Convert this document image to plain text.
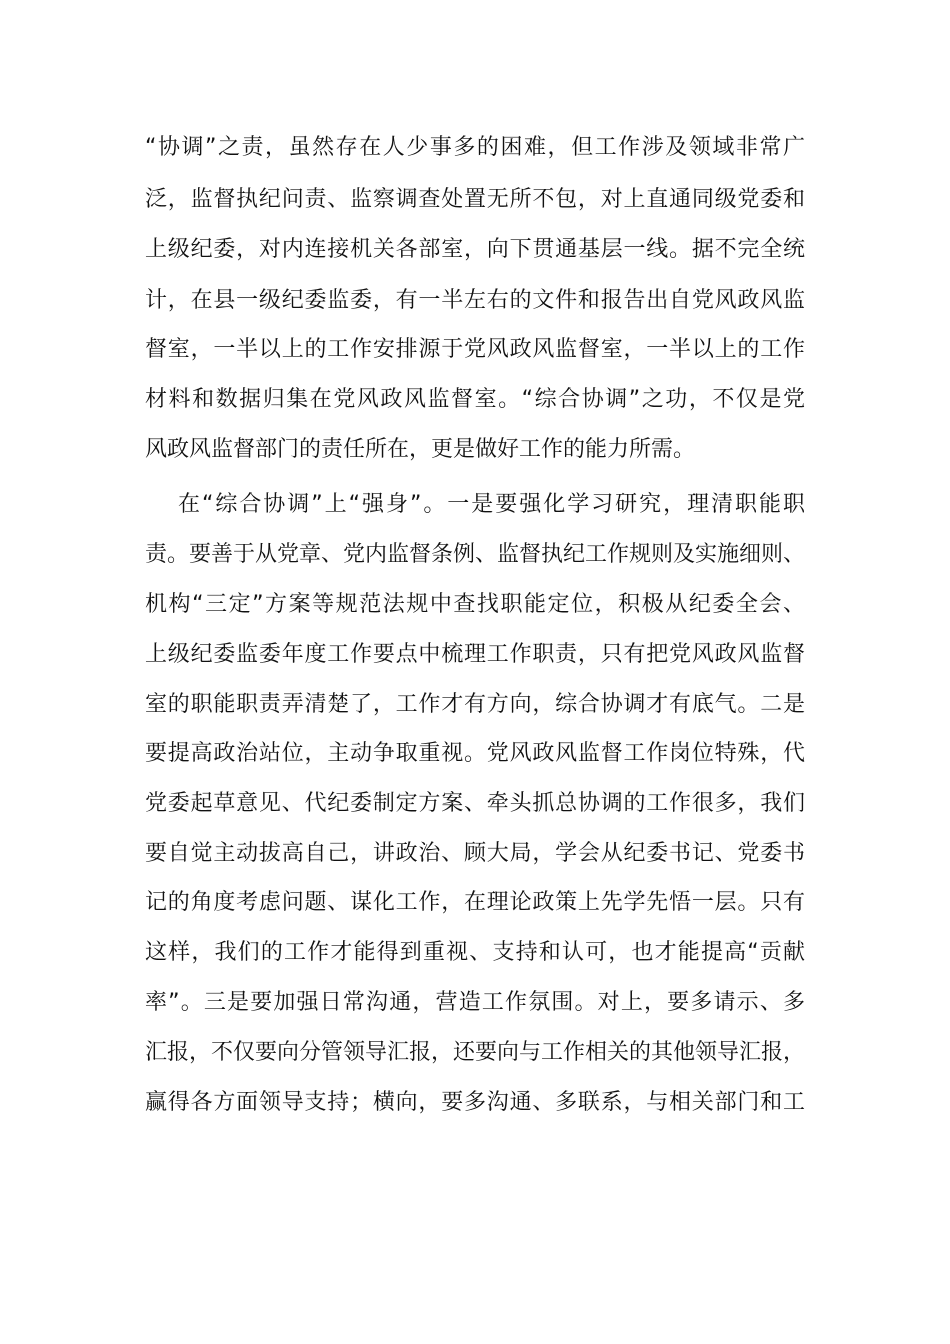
“协调”之责，虽然存在人少事多的困难，但工作涉及领域非常广
泛，监督执纪问责、监察调查处置无所不包，对上直通同级党委和
上级纪委，对内连接机关各部室，向下贯通基层一线。据不完全统
计，在县一级纪委监委，有一半左右的文件和报告出自党风政风监
督室，一半以上的工作安排源于党风政风监督室，一半以上的工作
材料和数据归集在党风政风监督室。“综合协调”之功，不仅是党
风政风监督部门的责任所在，更是做好工作的能力所需。
在“综合协调”上“强身”。一是要强化学习研究，理清职能职
责。要善于从党章、党内监督条例、监督执纪工作规则及实施细则、
机构“三定”方案等规范法规中查找职能定位，积极从纪委全会、
上级纪委监委年度工作要点中梳理工作职责，只有把党风政风监督
室的职能职责弄清楚了，工作才有方向，综合协调才有底气。二是
要提高政治站位，主动争取重视。党风政风监督工作岗位特殊，代
党委起草意见、代纪委制定方案、牵头抓总协调的工作很多，我们
要自觉主动拔高自己，讲政治、顾大局，学会从纪委书记、党委书
记的角度考虑问题、谋化工作，在理论政策上先学先悟一层。只有
这样，我们的工作才能得到重视、支持和认可，也才能提高“贡献
率”。三是要加强日常沟通，营造工作氛围。对上，要多请示、多
汇报，不仅要向分管领导汇报，还要向与工作相关的其他领导汇报，
赢得各方面领导支持；横向，要多沟通、多联系，与相关部门和工
